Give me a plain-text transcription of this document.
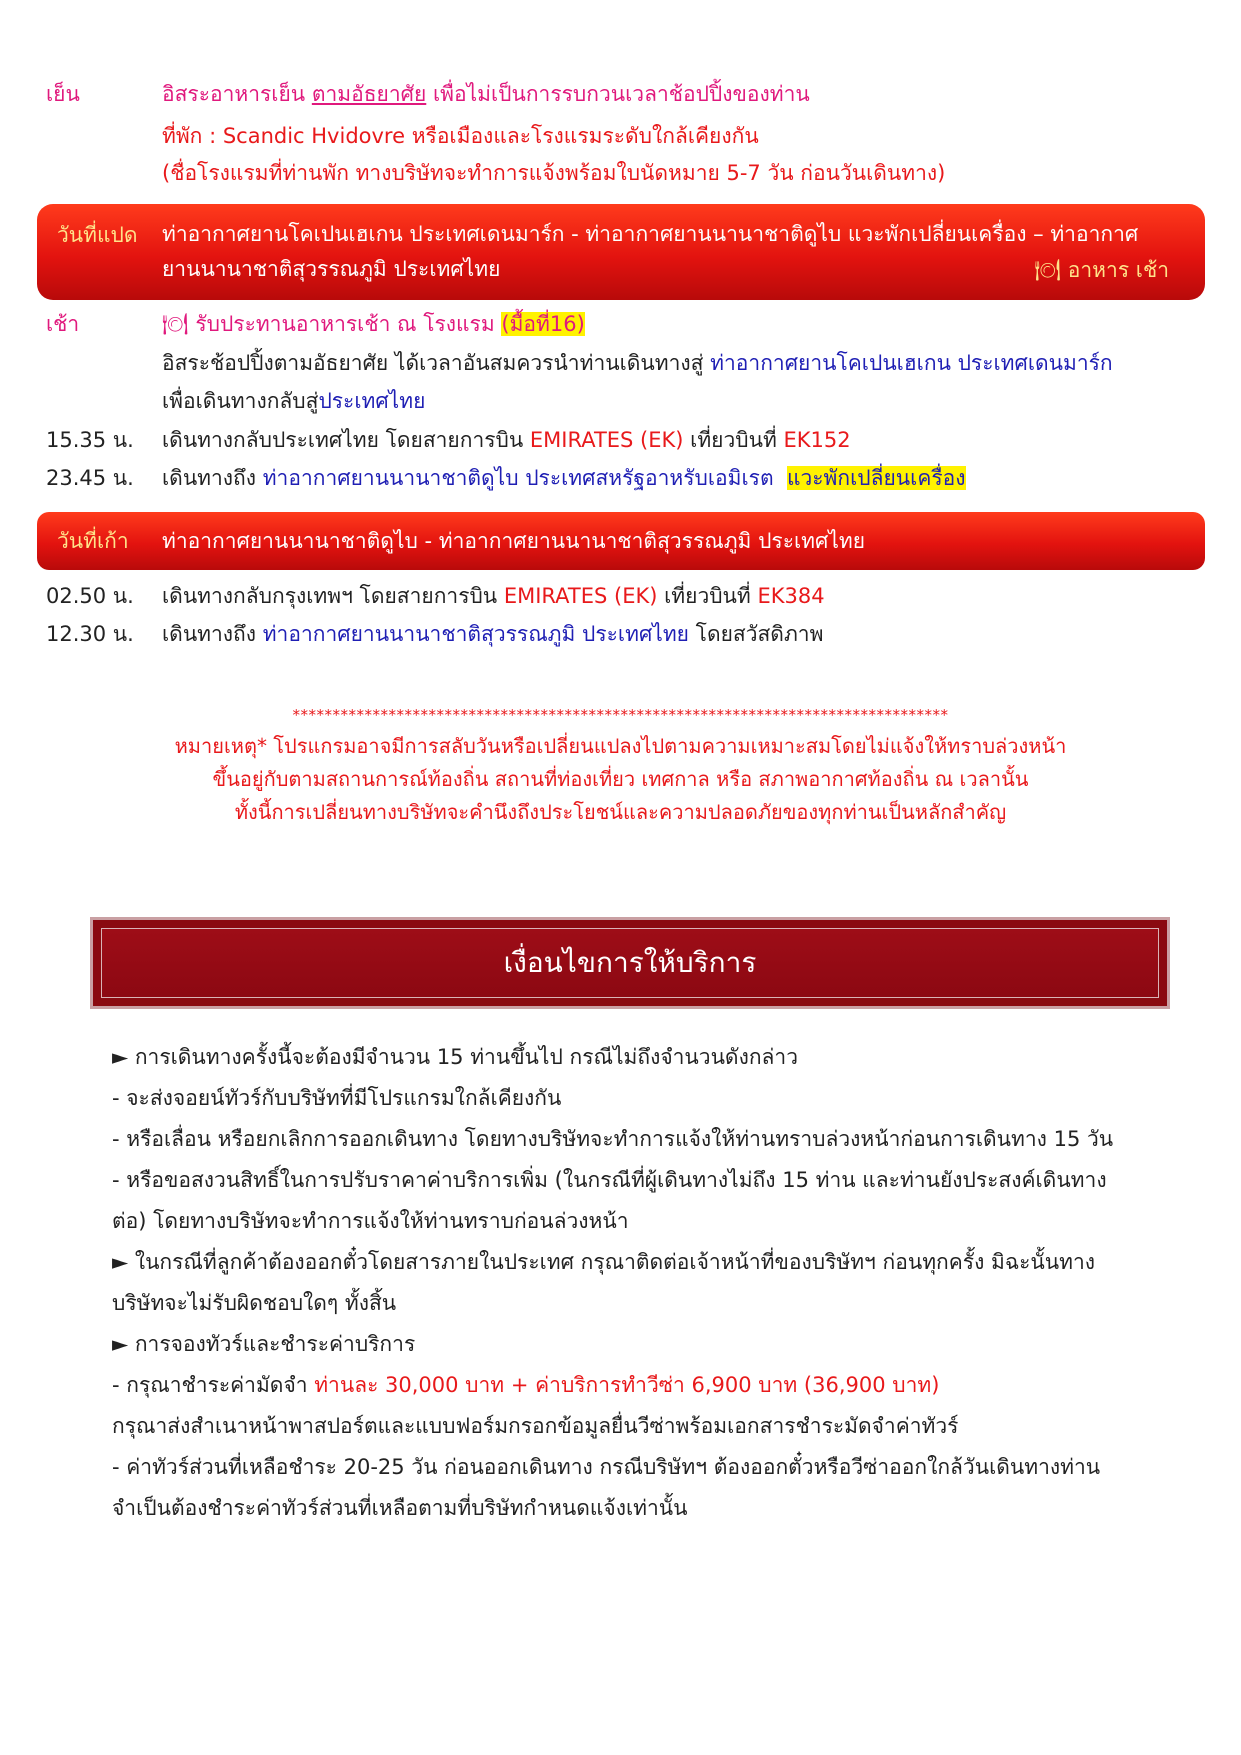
เย็น	อิสระอาหารเย็น ตามอัธยาศัย เพื่อไม่เป็นการรบกวนเวลาช้อปปิ้งของท่าน
ที่พัก : Scandic Hvidovre หรือเมืองและโรงแรมระดับใกล้เคียงกัน
(ชื่อโรงแรมที่ท่านพัก ทางบริษัทจะทำการแจ้งพร้อมใบนัดหมาย 5-7 วัน ก่อนวันเดินทาง)
วันที่แปด ท่าอากาศยานโคเปนเฮเกน ประเทศเดนมาร์ก - ท่าอากาศยานนานาชาติดูไบ แวะพักเปลี่ยนเครื่อง – ท่าอากาศ
ยานนานาชาติสุวรรณภูมิ ประเทศไทย	🍽 อาหาร เช้า
เช้า	🍽 รับประทานอาหารเช้า ณ โรงแรม (มื้อที่16)
อิสระช้อปปิ้งตามอัธยาศัย ได้เวลาอันสมควรนำท่านเดินทางสู่ ท่าอากาศยานโคเปนเฮเกน ประเทศเดนมาร์ก
เพื่อเดินทางกลับสู่ประเทศไทย
15.35 น. เดินทางกลับประเทศไทย โดยสายการบิน EMIRATES (EK) เที่ยวบินที่ EK152
23.45 น. เดินทางถึง ท่าอากาศยานนานาชาติดูไบ ประเทศสหรัฐอาหรับเอมิเรต แวะพักเปลี่ยนเครื่อง
วันที่เก้า ท่าอากาศยานนานาชาติดูไบ - ท่าอากาศยานนานาชาติสุวรรณภูมิ ประเทศไทย
02.50 น. เดินทางกลับกรุงเทพฯ โดยสายการบิน EMIRATES (EK) เที่ยวบินที่ EK384
12.30 น. เดินทางถึง ท่าอากาศยานนานาชาติสุวรรณภูมิ ประเทศไทย โดยสวัสดิภาพ
**********************************************************************************
หมายเหตุ* โปรแกรมอาจมีการสลับวันหรือเปลี่ยนแปลงไปตามความเหมาะสมโดยไม่แจ้งให้ทราบล่วงหน้า
ขึ้นอยู่กับตามสถานการณ์ท้องถิ่น สถานที่ท่องเที่ยว เทศกาล หรือ สภาพอากาศท้องถิ่น ณ เวลานั้น
ทั้งนี้การเปลี่ยนทางบริษัทจะคำนึงถึงประโยชน์และความปลอดภัยของทุกท่านเป็นหลักสำคัญ
เงื่อนไขการให้บริการ
► การเดินทางครั้งนี้จะต้องมีจำนวน 15 ท่านขึ้นไป กรณีไม่ถึงจำนวนดังกล่าว
- จะส่งจอยน์ทัวร์กับบริษัทที่มีโปรแกรมใกล้เคียงกัน
- หรือเลื่อน หรือยกเลิกการออกเดินทาง โดยทางบริษัทจะทำการแจ้งให้ท่านทราบล่วงหน้าก่อนการเดินทาง 15 วัน
- หรือขอสงวนสิทธิ์ในการปรับราคาค่าบริการเพิ่ม (ในกรณีที่ผู้เดินทางไม่ถึง 15 ท่าน และท่านยังประสงค์เดินทาง
ต่อ) โดยทางบริษัทจะทำการแจ้งให้ท่านทราบก่อนล่วงหน้า
► ในกรณีที่ลูกค้าต้องออกตั๋วโดยสารภายในประเทศ กรุณาติดต่อเจ้าหน้าที่ของบริษัทฯ ก่อนทุกครั้ง มิฉะนั้นทาง
บริษัทจะไม่รับผิดชอบใดๆ ทั้งสิ้น
► การจองทัวร์และชำระค่าบริการ
- กรุณาชำระค่ามัดจำ ท่านละ 30,000 บาท + ค่าบริการทำวีซ่า 6,900 บาท (36,900 บาท)
กรุณาส่งสำเนาหน้าพาสปอร์ตและแบบฟอร์มกรอกข้อมูลยื่นวีซ่าพร้อมเอกสารชำระมัดจำค่าทัวร์
- ค่าทัวร์ส่วนที่เหลือชำระ 20-25 วัน ก่อนออกเดินทาง กรณีบริษัทฯ ต้องออกตั๋วหรือวีซ่าออกใกล้วันเดินทางท่าน
จำเป็นต้องชำระค่าทัวร์ส่วนที่เหลือตามที่บริษัทกำหนดแจ้งเท่านั้น
